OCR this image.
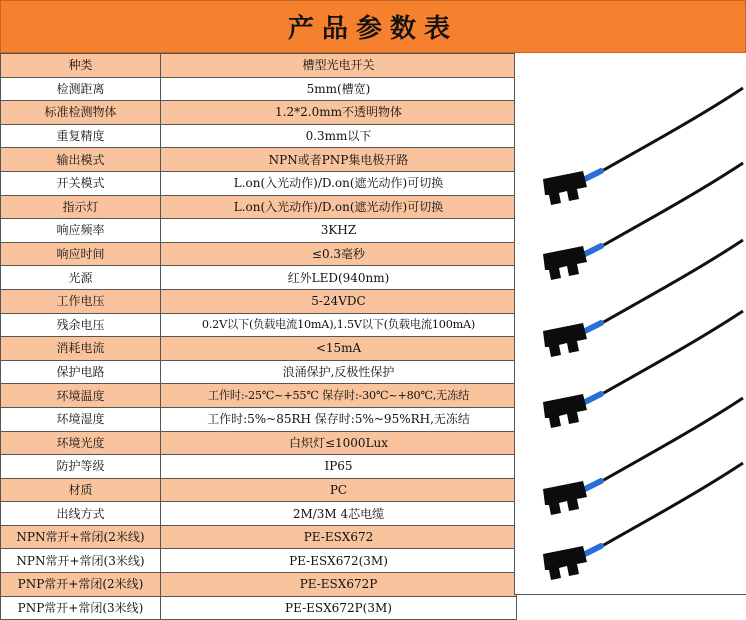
产品参数表
种类	槽型光电开关
检测距离	5mm(槽宽)
标准检测物体	1.2*2.0mm不透明物体
重复精度	0.3mm以下
输出模式	NPN或者PNP集电极开路
开关模式	L.on(入光动作)/D.on(遮光动作)可切换
指示灯	L.on(入光动作)/D.on(遮光动作)可切换
响应频率	3KHZ
响应时间	≤0.3毫秒
光源	红外LED(940nm)
工作电压	5-24VDC
残余电压	0.2V以下(负载电流10mA),1.5V以下(负载电流100mA)
消耗电流	<15mA
保护电路	浪涌保护,反极性保护
环境温度	工作时:-25℃~+55℃ 保存时:-30℃~+80℃,无冻结
环境湿度	工作时:5%~85RH 保存时:5%~95%RH,无冻结
环境光度	白炽灯≤1000Lux
防护等级	IP65
材质	PC
出线方式	2M/3M 4芯电缆
NPN常开+常闭(2米线)	PE-ESX672
NPN常开+常闭(3米线)	PE-ESX672(3M)
PNP常开+常闭(2米线)	PE-ESX672P
PNP常开+常闭(3米线)	PE-ESX672P(3M)
